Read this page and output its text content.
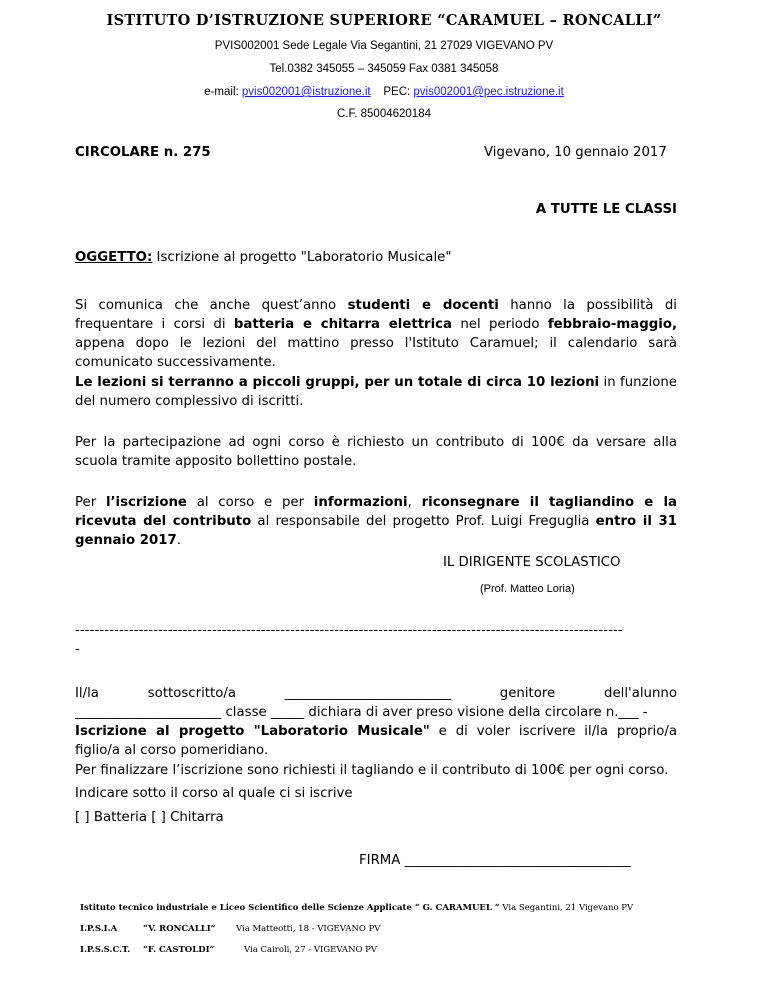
ISTITUTO D’ISTRUZIONE SUPERIORE “CARAMUEL – RONCALLI”
PVIS002001 Sede Legale Via Segantini, 21 27029 VIGEVANO PV
Tel.0382 345055 – 345059 Fax 0381 345058
e-mail: pvis002001@istruzione.it PEC: pvis002001@pec.istruzione.it
C.F. 85004620184
CIRCOLARE n. 275	Vigevano, 10 gennaio 2017
A TUTTE LE CLASSI
OGGETTO: Iscrizione al progetto "Laboratorio Musicale"
Si comunica che anche quest’anno studenti e docenti hanno la possibilità di frequentare i corsi di batteria e chitarra elettrica nel periodo febbraio-maggio, appena dopo le lezioni del mattino presso l'Istituto Caramuel; il calendario sarà comunicato successivamente.
Le lezioni si terranno a piccoli gruppi, per un totale di circa 10 lezioni in funzione del numero complessivo di iscritti.
Per la partecipazione ad ogni corso è richiesto un contributo di 100€ da versare alla scuola tramite apposito bollettino postale.
Per l’iscrizione al corso e per informazioni, riconsegnare il tagliandino e la ricevuta del contributo al responsabile del progetto Prof. Luigi Freguglia entro il 31 gennaio 2017.
IL DIRIGENTE SCOLASTICO
(Prof. Matteo Loria)
----------------------------------------------------------------------------------------------------------------
-
Il/la	sottoscritto/a	_________________________	genitore	dell'alunno
______________________ classe _____ dichiara di aver preso visione della circolare n.___ -
Iscrizione al progetto "Laboratorio Musicale" e di voler iscrivere il/la proprio/a figlio/a al corso pomeridiano.
Per finalizzare l’iscrizione sono richiesti il tagliando e il contributo di 100€ per ogni corso.
Indicare sotto il corso al quale ci si iscrive
[ ] Batteria [ ] Chitarra
FIRMA __________________________________
Istituto tecnico industriale e Liceo Scientifico delle Scienze Applicate “ G. CARAMUEL “ Via Segantini, 21 Vigevano PV
I.P.S.I.A	“V. RONCALLI” Via Matteotti, 18 - VIGEVANO PV
I.P.S.S.C.T. “F. CASTOLDI”	Via Cairoli, 27 - VIGEVANO PV
